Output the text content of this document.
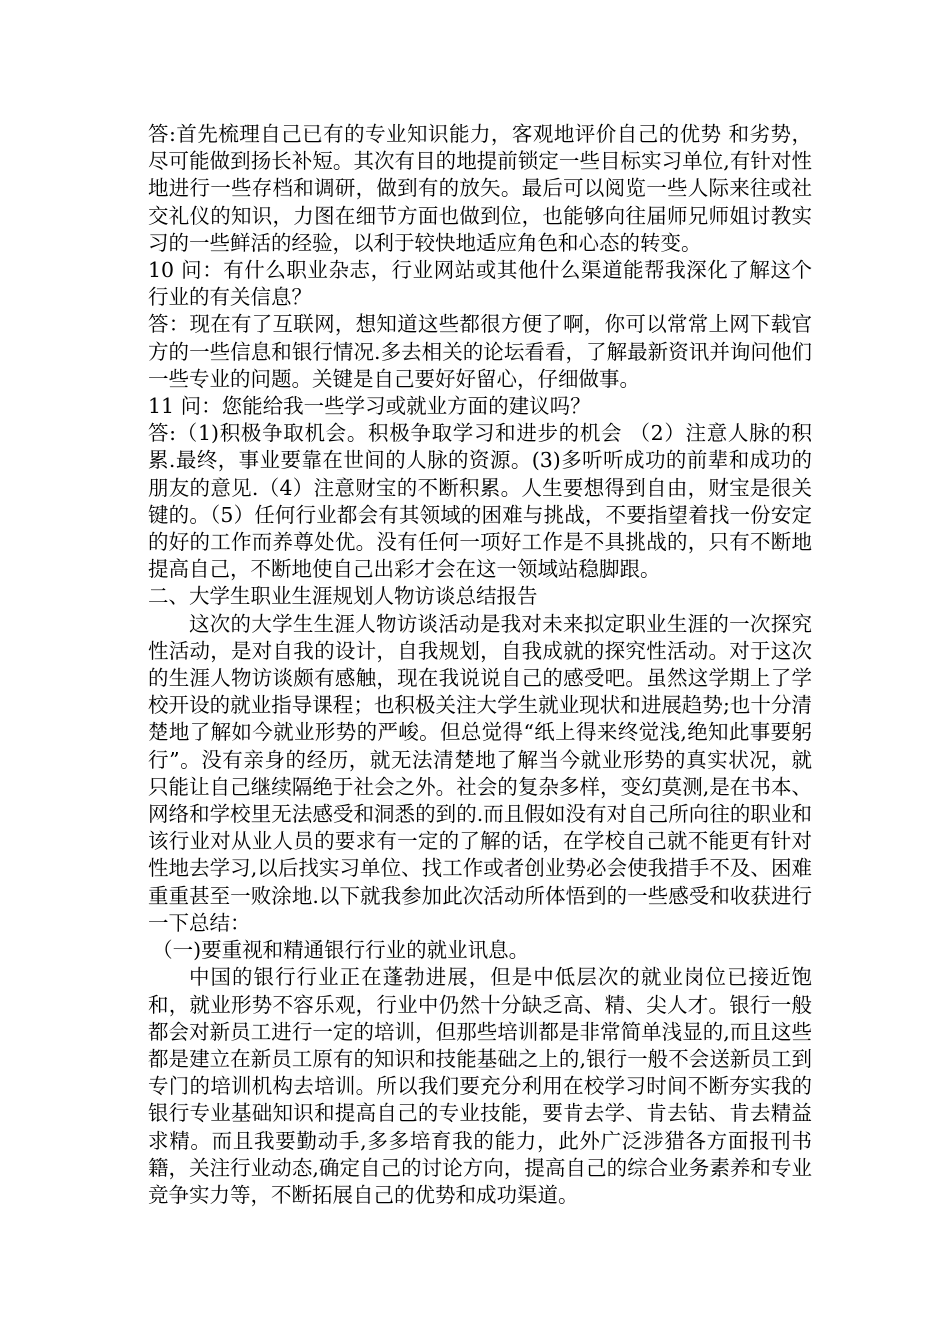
答:首先梳理自己已有的专业知识能力，客观地评价自己的优势 和劣势，尽可能做到扬长补短。其次有目的地提前锁定一些目标实习单位,有针对性地进行一些存档和调研，做到有的放矢。最后可以阅览一些人际来往或社交礼仪的知识，力图在细节方面也做到位，也能够向往届师兄师姐讨教实习的一些鲜活的经验，以利于较快地适应角色和心态的转变。

10 问：有什么职业杂志，行业网站或其他什么渠道能帮我深化了解这个行业的有关信息？

答：现在有了互联网，想知道这些都很方便了啊，你可以常常上网下载官方的一些信息和银行情况.多去相关的论坛看看，了解最新资讯并询问他们一些专业的问题。关键是自己要好好留心，仔细做事。

11 问：您能给我一些学习或就业方面的建议吗？

答:（1)积极争取机会。积极争取学习和进步的机会 （2）注意人脉的积累.最终，事业要靠在世间的人脉的资源。(3)多听听成功的前辈和成功的朋友的意见.（4）注意财宝的不断积累。人生要想得到自由，财宝是很关键的。（5）任何行业都会有其领域的困难与挑战，不要指望着找一份安定的好的工作而养尊处优。没有任何一项好工作是不具挑战的，只有不断地提高自己，不断地使自己出彩才会在这一领域站稳脚跟。

二、大学生职业生涯规划人物访谈总结报告

这次的大学生生涯人物访谈活动是我对未来拟定职业生涯的一次探究性活动，是对自我的设计，自我规划，自我成就的探究性活动。对于这次的生涯人物访谈颇有感触，现在我说说自己的感受吧。虽然这学期上了学校开设的就业指导课程；也积极关注大学生就业现状和进展趋势;也十分清楚地了解如今就业形势的严峻。但总觉得“纸上得来终觉浅,绝知此事要躬行”。没有亲身的经历，就无法清楚地了解当今就业形势的真实状况，就只能让自己继续隔绝于社会之外。社会的复杂多样，变幻莫测,是在书本、网络和学校里无法感受和洞悉的到的.而且假如没有对自己所向往的职业和该行业对从业人员的要求有一定的了解的话，在学校自己就不能更有针对性地去学习,以后找实习单位、找工作或者创业势必会使我措手不及、困难重重甚至一败涂地.以下就我参加此次活动所体悟到的一些感受和收获进行一下总结：

（一)要重视和精通银行行业的就业讯息。

中国的银行行业正在蓬勃进展，但是中低层次的就业岗位已接近饱和，就业形势不容乐观，行业中仍然十分缺乏高、精、尖人才。银行一般都会对新员工进行一定的培训，但那些培训都是非常简单浅显的,而且这些都是建立在新员工原有的知识和技能基础之上的,银行一般不会送新员工到专门的培训机构去培训。所以我们要充分利用在校学习时间不断夯实我的银行专业基础知识和提高自己的专业技能，要肯去学、肯去钻、肯去精益求精。而且我要勤动手,多多培育我的能力，此外广泛涉猎各方面报刊书籍，关注行业动态,确定自己的讨论方向，提高自己的综合业务素养和专业竞争实力等，不断拓展自己的优势和成功渠道。
